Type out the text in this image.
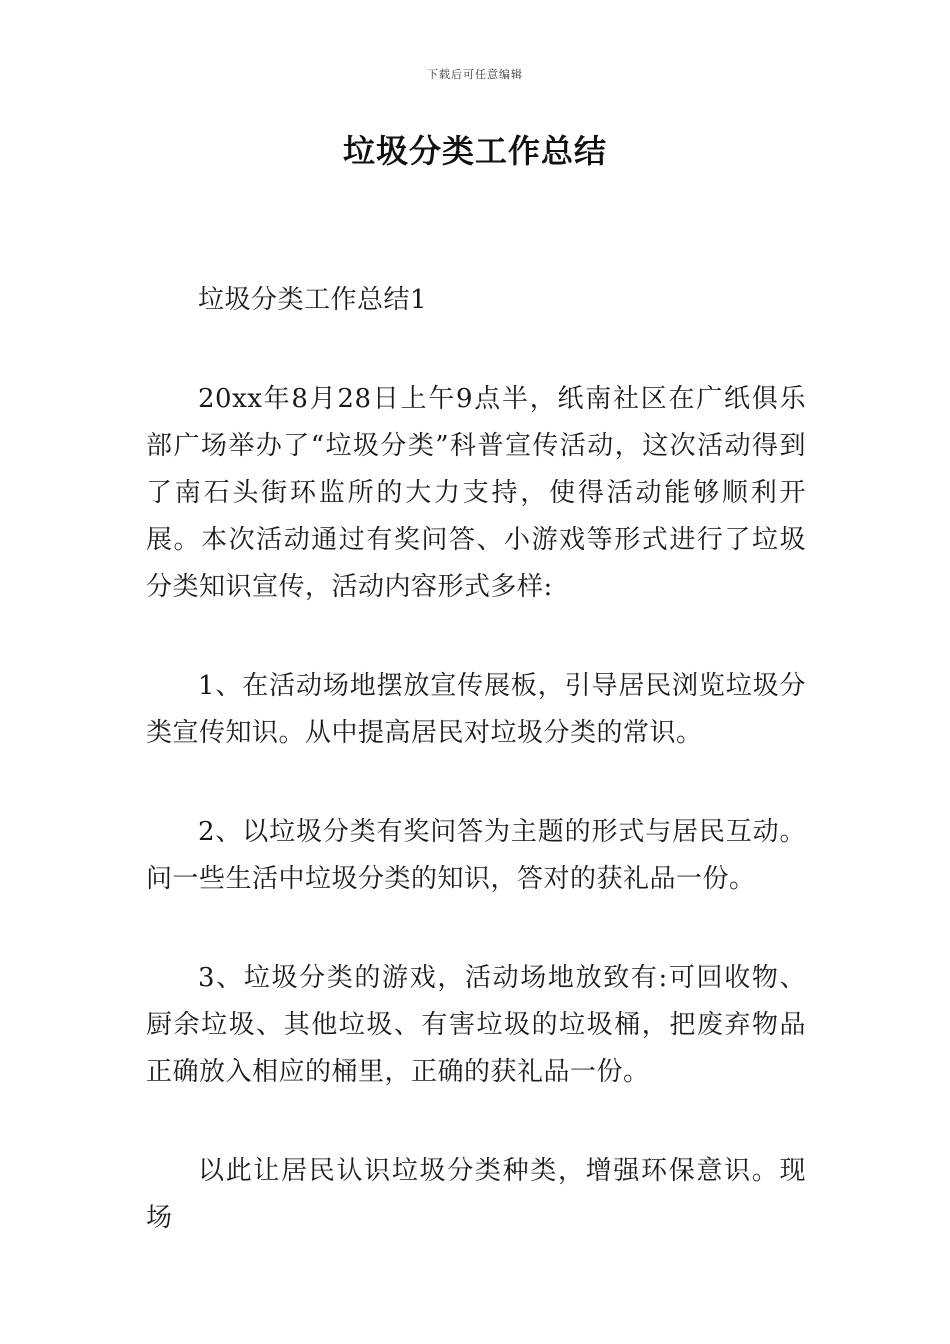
下载后可任意编辑
垃圾分类工作总结

垃圾分类工作总结1

20xx年8月28日上午9点半，纸南社区在广纸俱乐部广场举办了“垃圾分类”科普宣传活动，这次活动得到了南石头街环监所的大力支持，使得活动能够顺利开展。本次活动通过有奖问答、小游戏等形式进行了垃圾分类知识宣传，活动内容形式多样:

1、在活动场地摆放宣传展板，引导居民浏览垃圾分类宣传知识。从中提高居民对垃圾分类的常识。

2、以垃圾分类有奖问答为主题的形式与居民互动。问一些生活中垃圾分类的知识，答对的获礼品一份。

3、垃圾分类的游戏，活动场地放致有:可回收物、厨余垃圾、其他垃圾、有害垃圾的垃圾桶，把废弃物品正确放入相应的桶里，正确的获礼品一份。

以此让居民认识垃圾分类种类，增强环保意识。现场
